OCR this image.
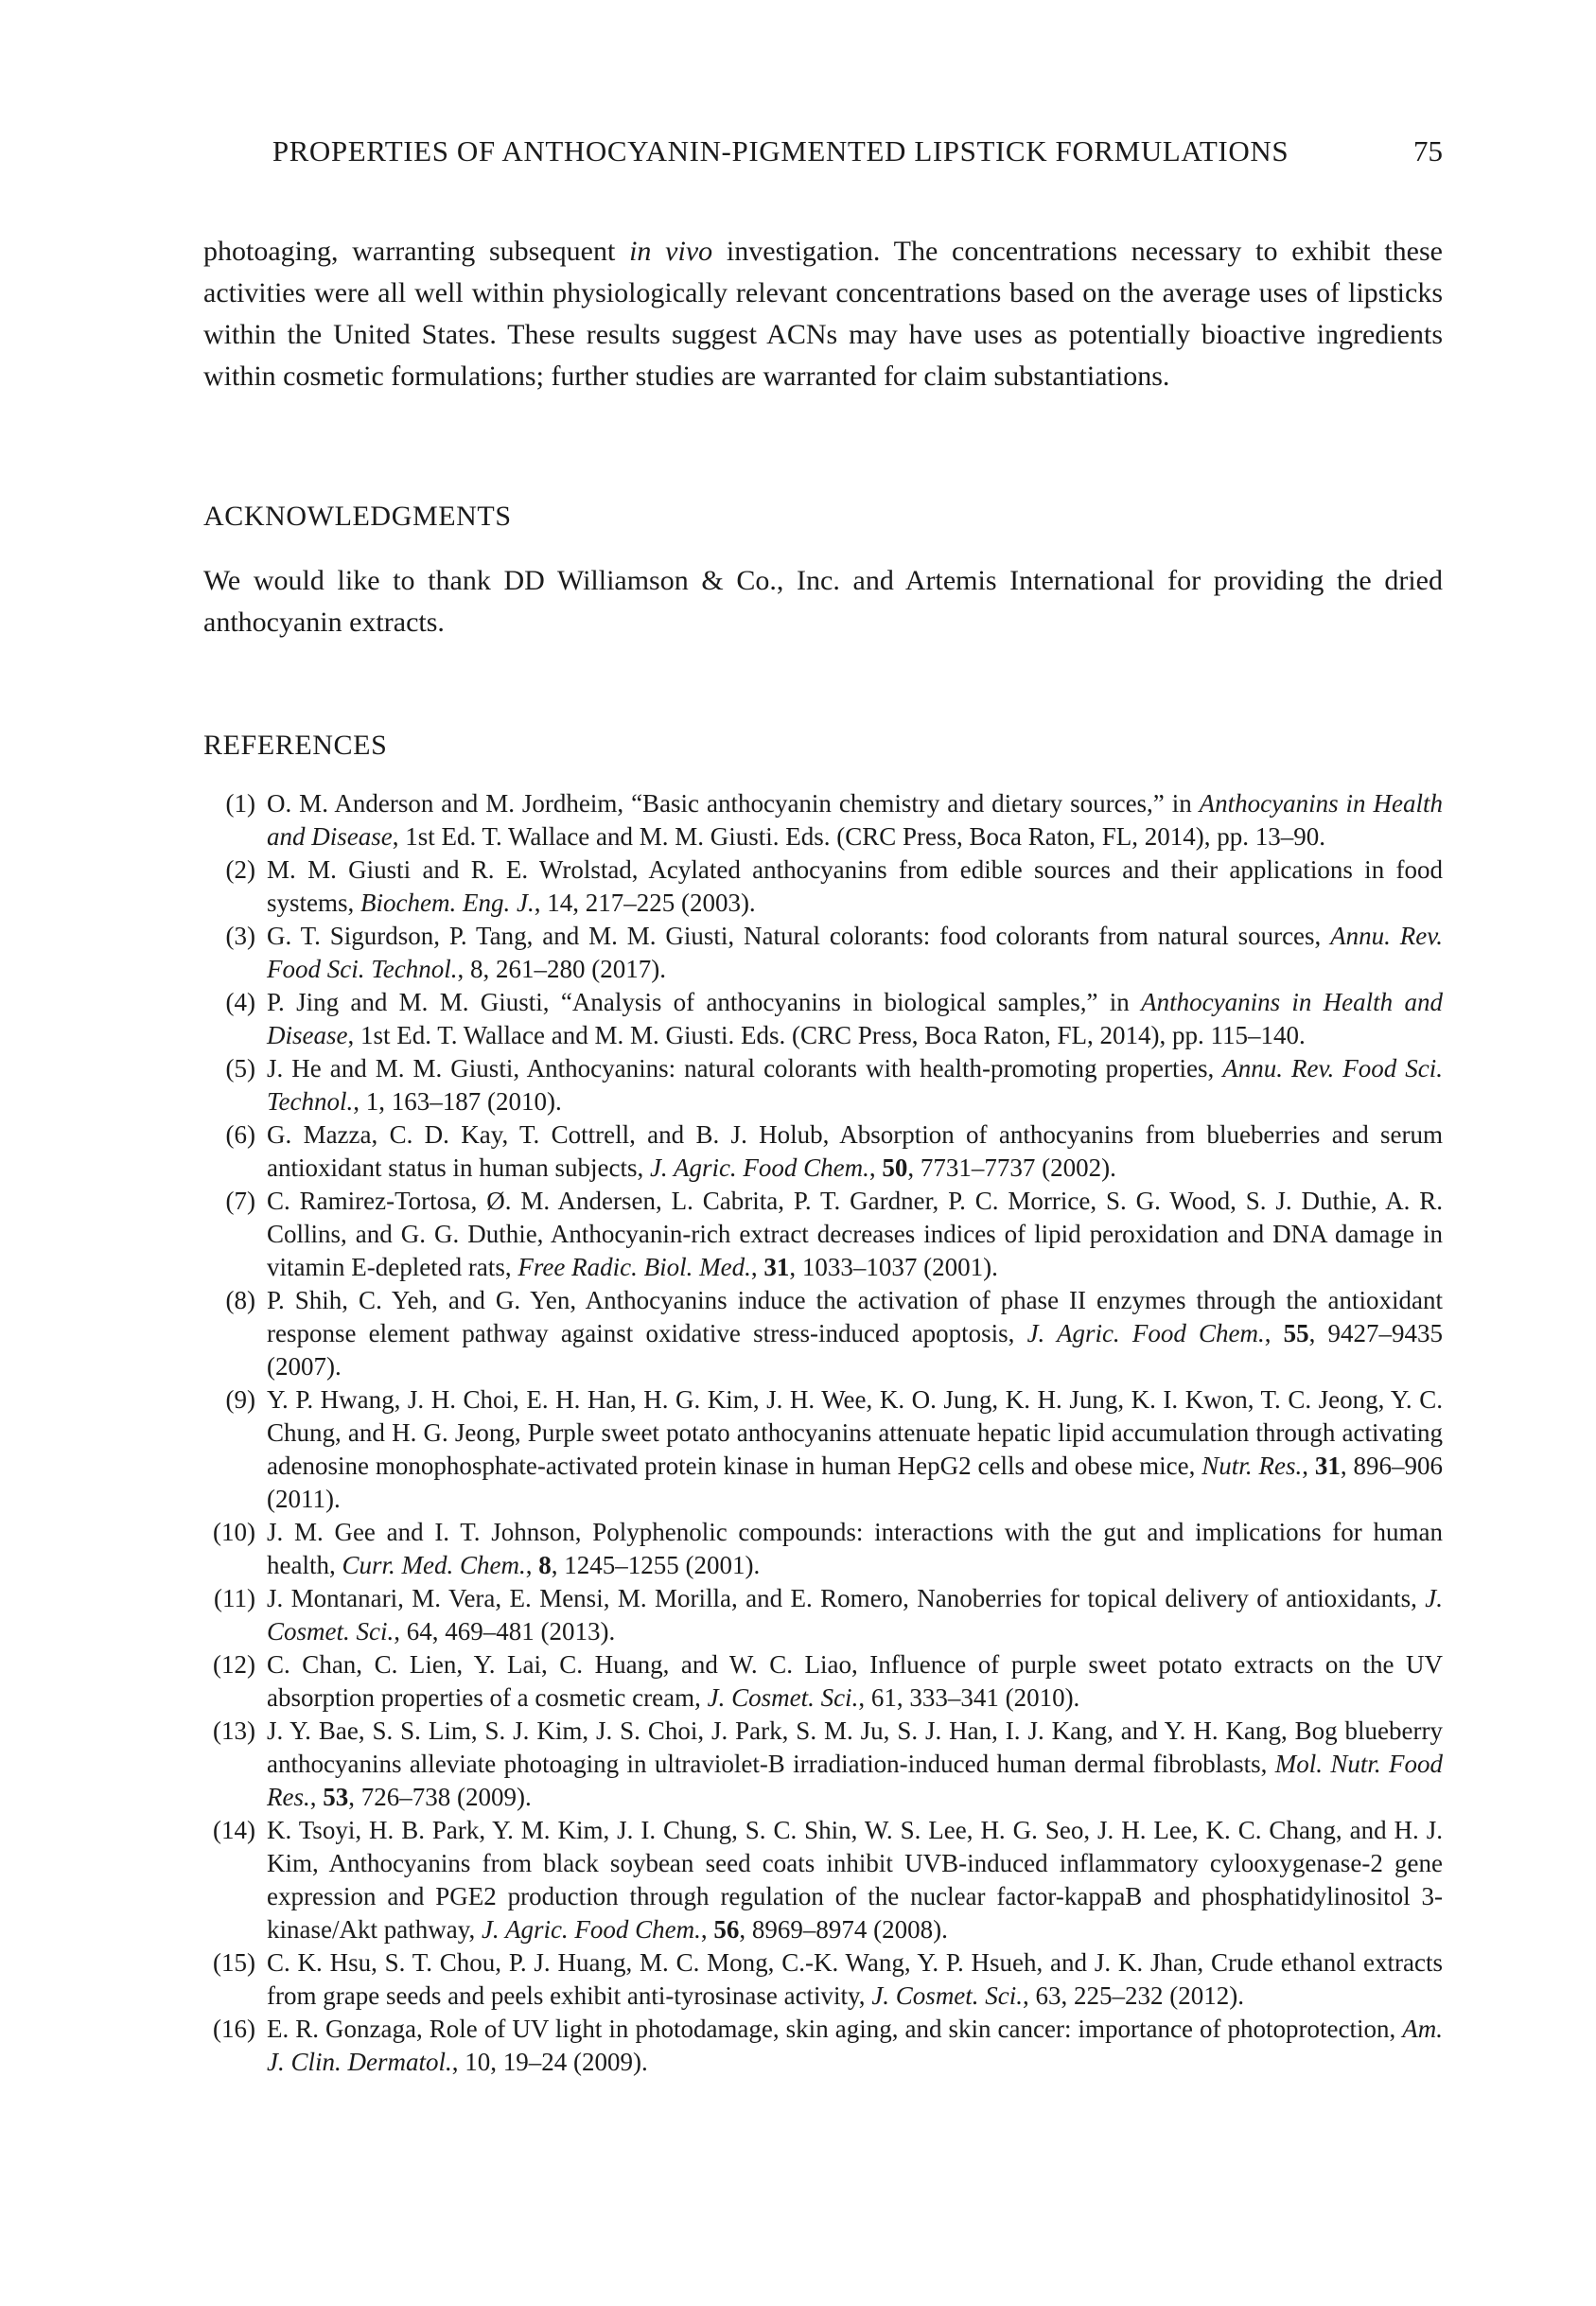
PROPERTIES OF ANTHOCYANIN-PIGMENTED LIPSTICK FORMULATIONS	75

photoaging, warranting subsequent in vivo investigation. The concentrations necessary to exhibit these activities were all well within physiologically relevant concentrations based on the average uses of lipsticks within the United States. These results suggest ACNs may have uses as potentially bioactive ingredients within cosmetic formulations; further studies are warranted for claim substantiations.

ACKNOWLEDGMENTS

We would like to thank DD Williamson & Co., Inc. and Artemis International for providing the dried anthocyanin extracts.

REFERENCES
(1) O. M. Anderson and M. Jordheim, “Basic anthocyanin chemistry and dietary sources,” in Anthocyanins in Health and Disease, 1st Ed. T. Wallace and M. M. Giusti. Eds. (CRC Press, Boca Raton, FL, 2014), pp. 13–90.
(2) M. M. Giusti and R. E. Wrolstad, Acylated anthocyanins from edible sources and their applications in food systems, Biochem. Eng. J., 14, 217–225 (2003).
(3) G. T. Sigurdson, P. Tang, and M. M. Giusti, Natural colorants: food colorants from natural sources, Annu. Rev. Food Sci. Technol., 8, 261–280 (2017).
(4) P. Jing and M. M. Giusti, “Analysis of anthocyanins in biological samples,” in Anthocyanins in Health and Disease, 1st Ed. T. Wallace and M. M. Giusti. Eds. (CRC Press, Boca Raton, FL, 2014), pp. 115–140.
(5) J. He and M. M. Giusti, Anthocyanins: natural colorants with health-promoting properties, Annu. Rev. Food Sci. Technol., 1, 163–187 (2010).
(6) G. Mazza, C. D. Kay, T. Cottrell, and B. J. Holub, Absorption of anthocyanins from blueberries and serum antioxidant status in human subjects, J. Agric. Food Chem., 50, 7731–7737 (2002).
(7) C. Ramirez-Tortosa, Ø. M. Andersen, L. Cabrita, P. T. Gardner, P. C. Morrice, S. G. Wood, S. J. Duthie, A. R. Collins, and G. G. Duthie, Anthocyanin-rich extract decreases indices of lipid peroxidation and DNA damage in vitamin E-depleted rats, Free Radic. Biol. Med., 31, 1033–1037 (2001).
(8) P. Shih, C. Yeh, and G. Yen, Anthocyanins induce the activation of phase II enzymes through the antioxidant response element pathway against oxidative stress-induced apoptosis, J. Agric. Food Chem., 55, 9427–9435 (2007).
(9) Y. P. Hwang, J. H. Choi, E. H. Han, H. G. Kim, J. H. Wee, K. O. Jung, K. H. Jung, K. I. Kwon, T. C. Jeong, Y. C. Chung, and H. G. Jeong, Purple sweet potato anthocyanins attenuate hepatic lipid accumulation through activating adenosine monophosphate-activated protein kinase in human HepG2 cells and obese mice, Nutr. Res., 31, 896–906 (2011).
(10) J. M. Gee and I. T. Johnson, Polyphenolic compounds: interactions with the gut and implications for human health, Curr. Med. Chem., 8, 1245–1255 (2001).
(11) J. Montanari, M. Vera, E. Mensi, M. Morilla, and E. Romero, Nanoberries for topical delivery of antioxidants, J. Cosmet. Sci., 64, 469–481 (2013).
(12) C. Chan, C. Lien, Y. Lai, C. Huang, and W. C. Liao, Influence of purple sweet potato extracts on the UV absorption properties of a cosmetic cream, J. Cosmet. Sci., 61, 333–341 (2010).
(13) J. Y. Bae, S. S. Lim, S. J. Kim, J. S. Choi, J. Park, S. M. Ju, S. J. Han, I. J. Kang, and Y. H. Kang, Bog blueberry anthocyanins alleviate photoaging in ultraviolet-B irradiation-induced human dermal fibroblasts, Mol. Nutr. Food Res., 53, 726–738 (2009).
(14) K. Tsoyi, H. B. Park, Y. M. Kim, J. I. Chung, S. C. Shin, W. S. Lee, H. G. Seo, J. H. Lee, K. C. Chang, and H. J. Kim, Anthocyanins from black soybean seed coats inhibit UVB-induced inflammatory cylooxygenase-2 gene expression and PGE2 production through regulation of the nuclear factor-kappaB and phosphatidylinositol 3-kinase/Akt pathway, J. Agric. Food Chem., 56, 8969–8974 (2008).
(15) C. K. Hsu, S. T. Chou, P. J. Huang, M. C. Mong, C.-K. Wang, Y. P. Hsueh, and J. K. Jhan, Crude ethanol extracts from grape seeds and peels exhibit anti-tyrosinase activity, J. Cosmet. Sci., 63, 225–232 (2012).
(16) E. R. Gonzaga, Role of UV light in photodamage, skin aging, and skin cancer: importance of photoprotection, Am. J. Clin. Dermatol., 10, 19–24 (2009).
